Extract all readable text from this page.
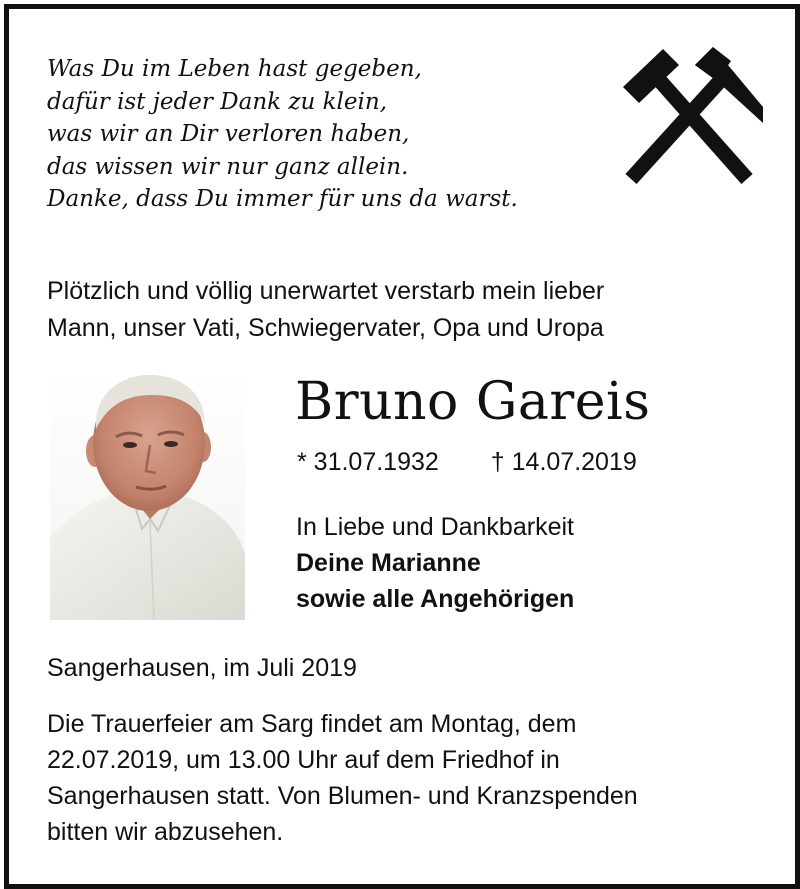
Was Du im Leben hast gegeben,
dafür ist jeder Dank zu klein,
was wir an Dir verloren haben,
das wissen wir nur ganz allein.
Danke, dass Du immer für uns da warst.
Plötzlich und völlig unerwartet verstarb mein lieber
Mann, unser Vati, Schwiegervater, Opa und Uropa
Bruno Gareis
* 31.07.1932 † 14.07.2019
In Liebe und Dankbarkeit
Deine Marianne
sowie alle Angehörigen
Sangerhausen, im Juli 2019
Die Trauerfeier am Sarg findet am Montag, dem
22.07.2019, um 13.00 Uhr auf dem Friedhof in
Sangerhausen statt. Von Blumen- und Kranzspenden
bitten wir abzusehen.
